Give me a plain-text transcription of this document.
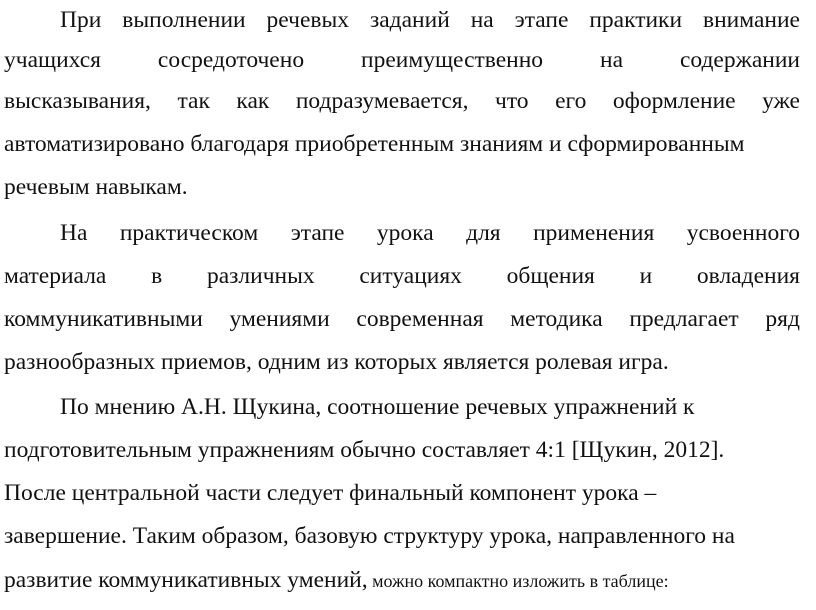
При выполнении речевых заданий на этапе практики внимание
учащихся сосредоточено преимущественно на содержании
высказывания, так как подразумевается, что его оформление уже
автоматизировано благодаря приобретенным знаниям и сформированным
речевым навыкам.
На практическом этапе урока для применения усвоенного
материала в различных ситуациях общения и овладения
коммуникативными умениями современная методика предлагает ряд
разнообразных приемов, одним из которых является ролевая игра.
По мнению А.Н. Щукина, соотношение речевых упражнений к
подготовительным упражнениям обычно составляет 4:1 [Щукин, 2012].
После центральной части следует финальный компонент урока –
завершение. Таким образом, базовую структуру урока, направленного на
развитие коммуникативных умений, можно компактно изложить в таблице:
